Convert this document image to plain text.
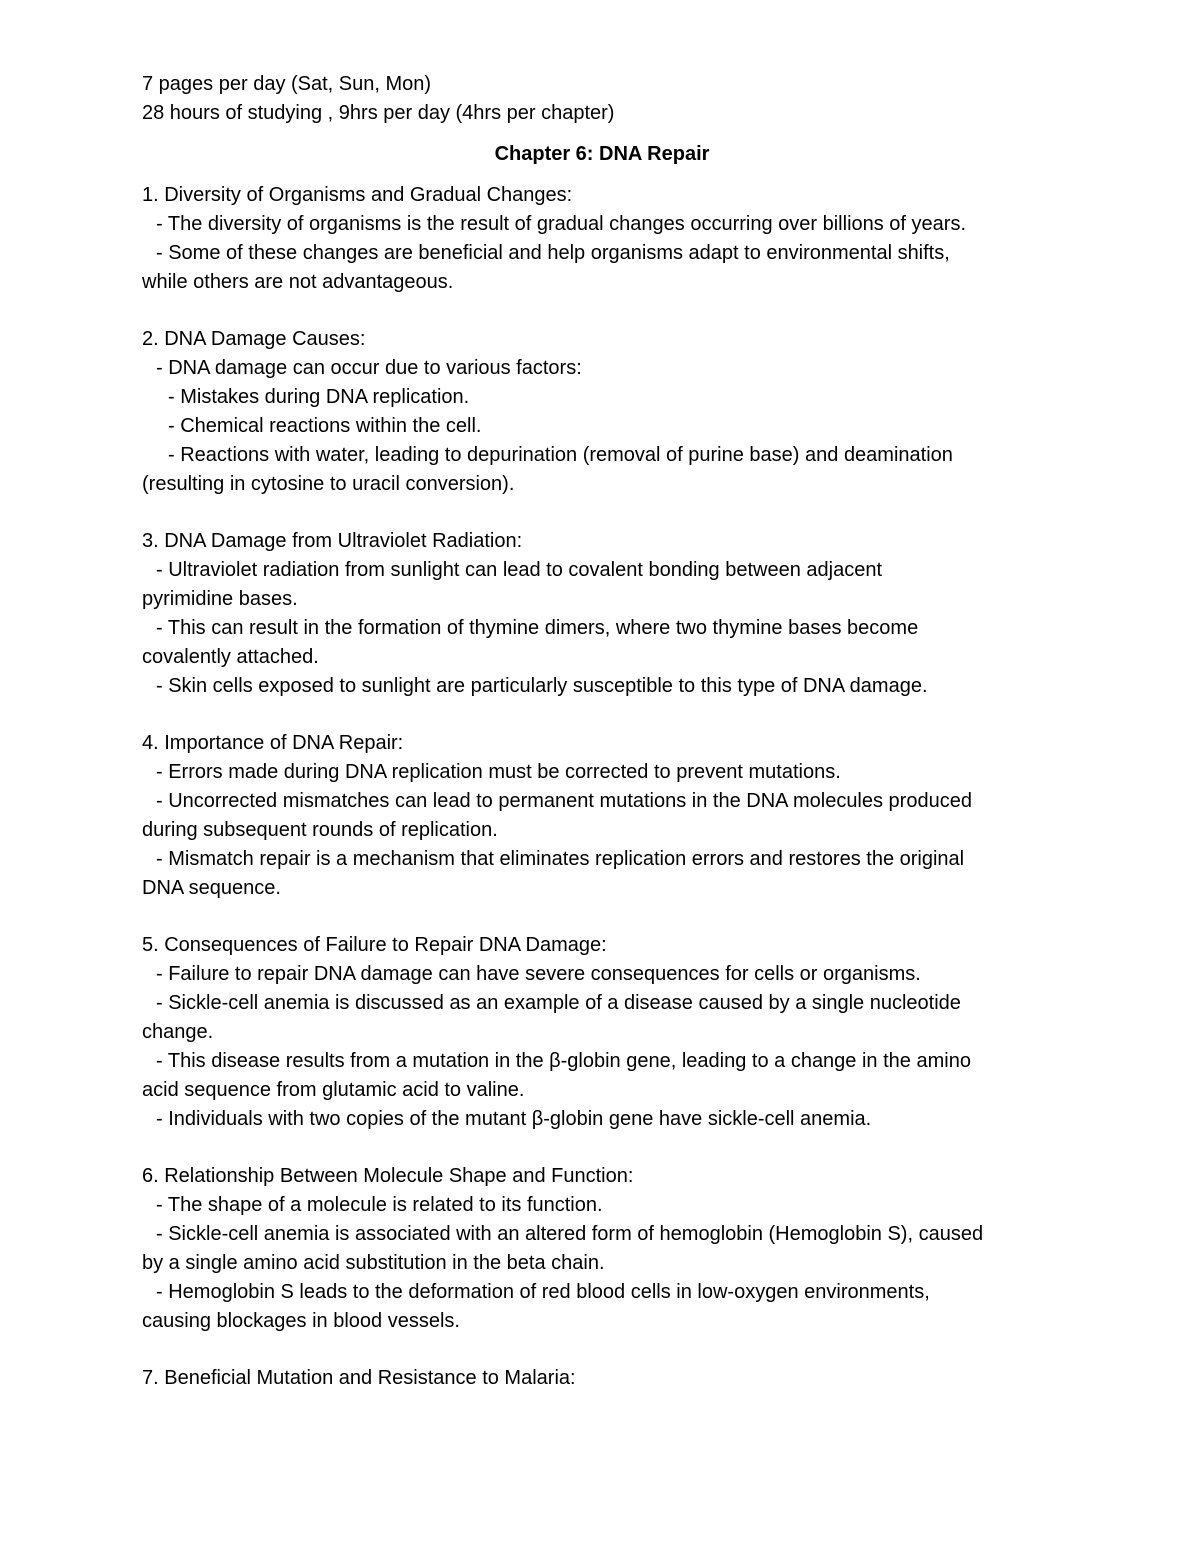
7 pages per day (Sat, Sun, Mon)

28 hours of studying , 9hrs per day (4hrs per chapter)

Chapter 6: DNA Repair

1. Diversity of Organisms and Gradual Changes:

- The diversity of organisms is the result of gradual changes occurring over billions of years.

- Some of these changes are beneficial and help organisms adapt to environmental shifts,

while others are not advantageous.

2. DNA Damage Causes:

- DNA damage can occur due to various factors:

- Mistakes during DNA replication.

- Chemical reactions within the cell.

- Reactions with water, leading to depurination (removal of purine base) and deamination

(resulting in cytosine to uracil conversion).

3. DNA Damage from Ultraviolet Radiation:

- Ultraviolet radiation from sunlight can lead to covalent bonding between adjacent

pyrimidine bases.

- This can result in the formation of thymine dimers, where two thymine bases become

covalently attached.

- Skin cells exposed to sunlight are particularly susceptible to this type of DNA damage.

4. Importance of DNA Repair:

- Errors made during DNA replication must be corrected to prevent mutations.

- Uncorrected mismatches can lead to permanent mutations in the DNA molecules produced

during subsequent rounds of replication.

- Mismatch repair is a mechanism that eliminates replication errors and restores the original

DNA sequence.

5. Consequences of Failure to Repair DNA Damage:

- Failure to repair DNA damage can have severe consequences for cells or organisms.

- Sickle-cell anemia is discussed as an example of a disease caused by a single nucleotide

change.

- This disease results from a mutation in the β-globin gene, leading to a change in the amino

acid sequence from glutamic acid to valine.

- Individuals with two copies of the mutant β-globin gene have sickle-cell anemia.

6. Relationship Between Molecule Shape and Function:

- The shape of a molecule is related to its function.

- Sickle-cell anemia is associated with an altered form of hemoglobin (Hemoglobin S), caused

by a single amino acid substitution in the beta chain.

- Hemoglobin S leads to the deformation of red blood cells in low-oxygen environments,

causing blockages in blood vessels.

7. Beneficial Mutation and Resistance to Malaria:
